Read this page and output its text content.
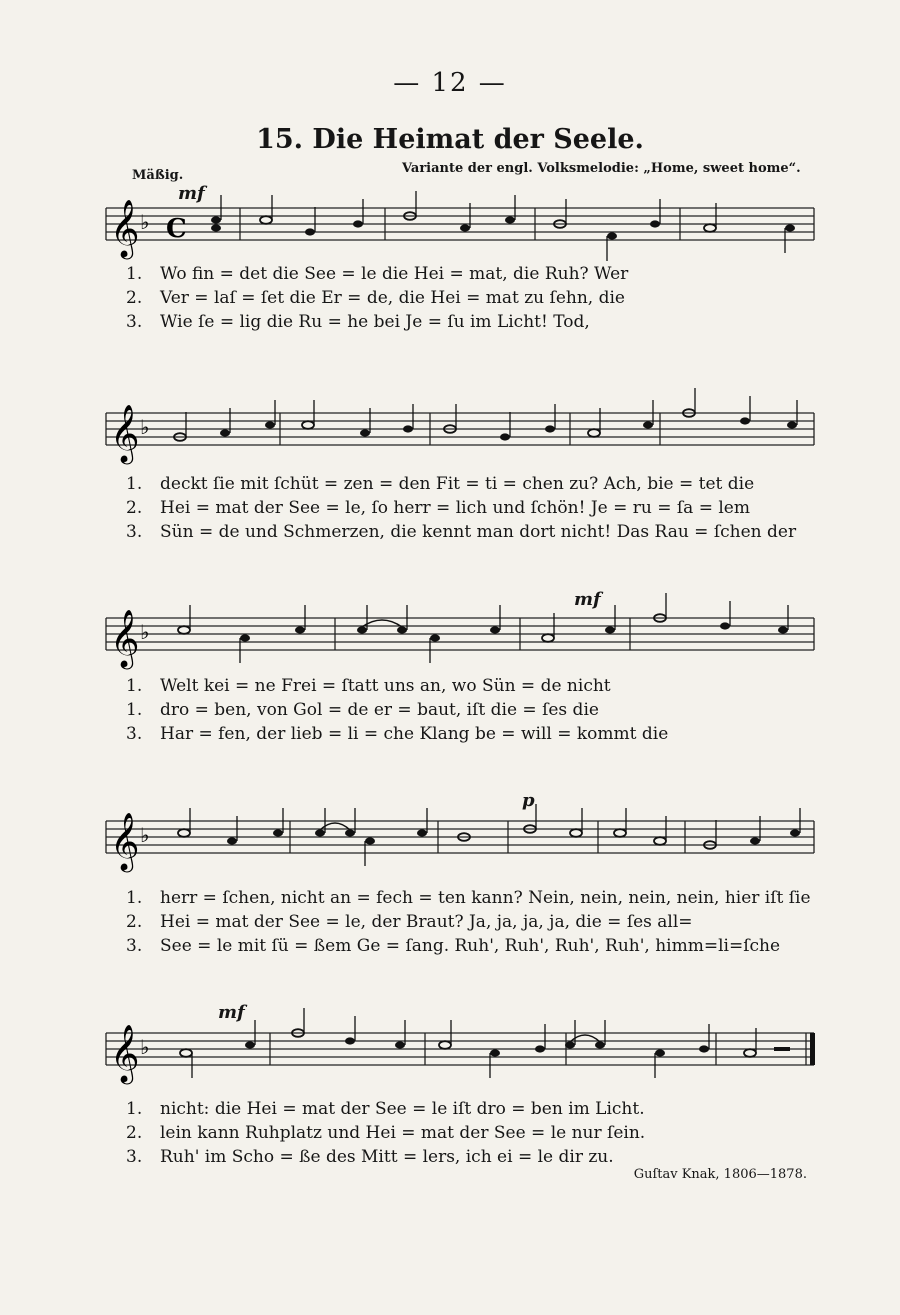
— 12 —
15. Die Heimat der Seele.
Mäßig.	Variante der engl. Volksmelodie: „Home, sweet home“.
𝄞 ♭ C
mf
1. Wo fin = det die See = le die Hei = mat, die Ruh? Wer
2. Ver = laſ = ſet die Er = de, die Hei = mat zu ſehn, die
3. Wie ſe = lig die Ru = he bei Je = ſu im Licht! Tod,
𝄞 ♭
1. deckt ſie mit ſchüt = zen = den Fit = ti = chen zu? Ach, bie = tet die
2. Hei = mat der See = le, ſo herr = lich und ſchön! Je = ru = ſa = lem
3. Sün = de und Schmerzen, die kennt man dort nicht! Das Rau = ſchen der
𝄞 ♭
mf
1. Welt kei = ne Frei = ſtatt uns an, wo Sün = de nicht
1. dro = ben, von Gol = de er = baut, iſt die = ſes die
3. Har = fen, der lieb = li = che Klang be = will = kommt die
𝄞 ♭
p
1. herr = ſchen, nicht an = fech = ten kann? Nein, nein, nein, nein, hier iſt ſie
2. Hei = mat der See = le, der Braut? Ja, ja, ja, ja, die = ſes all=
3. See = le mit ſü = ßem Ge = ſang. Ruh', Ruh', Ruh', Ruh', himm=li=ſche
𝄞 ♭
mf
1. nicht: die Hei = mat der See = le iſt dro = ben im Licht.
2. lein kann Ruhplatz und Hei = mat der See = le nur ſein.
3. Ruh' im Scho = ße des Mitt = lers, ich ei = le dir zu.
Guſtav Knak, 1806—1878.
